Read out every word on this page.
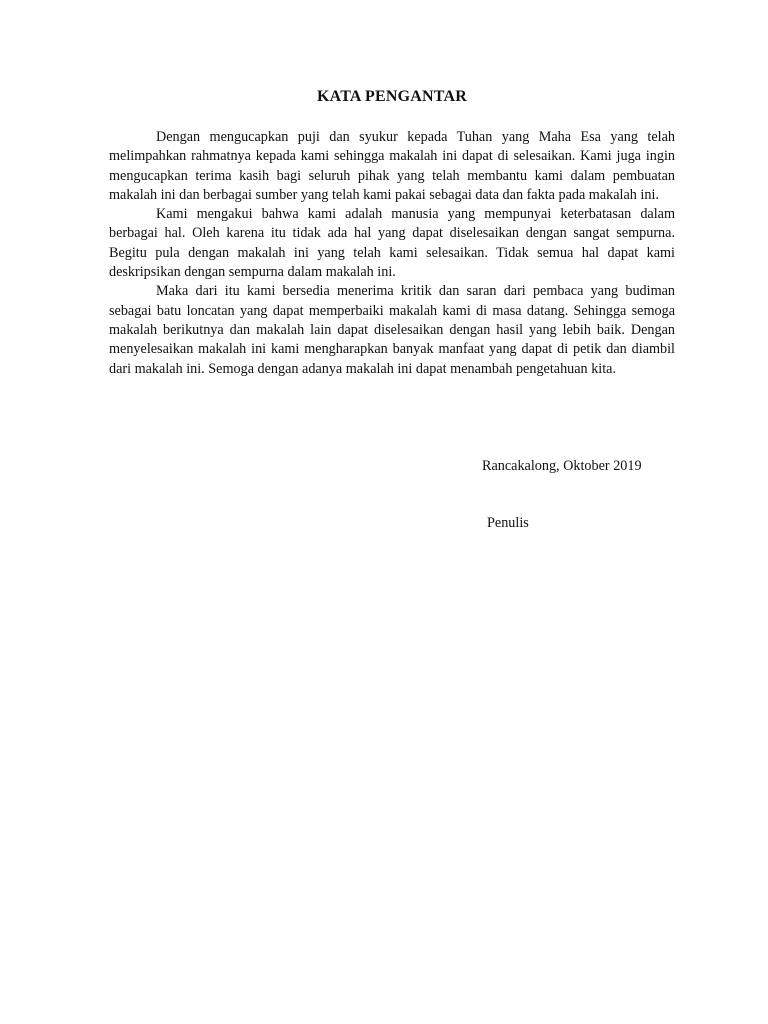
KATA PENGANTAR

Dengan mengucapkan puji dan syukur kepada Tuhan yang Maha Esa yang telah melimpahkan rahmatnya kepada kami sehingga makalah ini dapat di selesaikan. Kami juga ingin mengucapkan terima kasih bagi seluruh pihak yang telah membantu kami dalam pembuatan makalah ini dan berbagai sumber yang telah kami pakai sebagai data dan fakta pada makalah ini.

Kami mengakui bahwa kami adalah manusia yang mempunyai keterbatasan dalam berbagai hal. Oleh karena itu tidak ada hal yang dapat diselesaikan dengan sangat sempurna. Begitu pula dengan makalah ini yang telah kami selesaikan. Tidak semua hal dapat kami deskripsikan dengan sempurna dalam makalah ini.

Maka dari itu kami bersedia menerima kritik dan saran dari pembaca yang budiman sebagai batu loncatan yang dapat memperbaiki makalah kami di masa datang. Sehingga semoga makalah berikutnya dan makalah lain dapat diselesaikan dengan hasil yang lebih baik. Dengan menyelesaikan makalah ini kami mengharapkan banyak manfaat yang dapat di petik dan diambil dari makalah ini. Semoga dengan adanya makalah ini dapat menambah pengetahuan kita.

Rancakalong, Oktober 2019
Penulis
